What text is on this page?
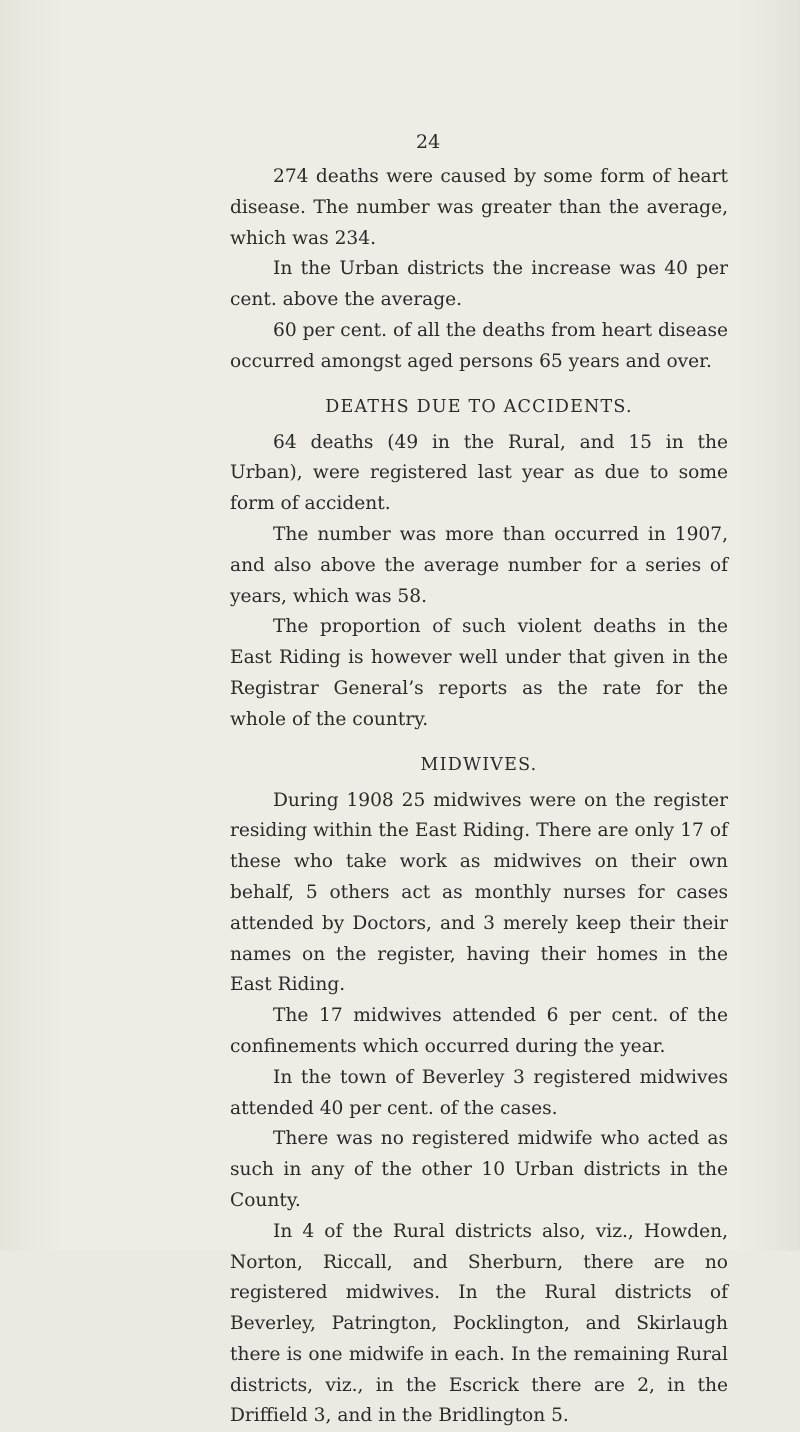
24

274 deaths were caused by some form of heart disease. The number was greater than the average, which was 234.

In the Urban districts the increase was 40 per cent. above the average.

60 per cent. of all the deaths from heart disease occurred amongst aged persons 65 years and over.

DEATHS DUE TO ACCIDENTS.

64 deaths (49 in the Rural, and 15 in the Urban), were registered last year as due to some form of accident.

The number was more than occurred in 1907, and also above the average number for a series of years, which was 58.

The proportion of such violent deaths in the East Riding is however well under that given in the Registrar General’s reports as the rate for the whole of the country.

MIDWIVES.

During 1908 25 midwives were on the register residing within the East Riding. There are only 17 of these who take work as midwives on their own behalf, 5 others act as monthly nurses for cases attended by Doctors, and 3 merely keep their their names on the register, having their homes in the East Riding.

The 17 midwives attended 6 per cent. of the confinements which occurred during the year.

In the town of Beverley 3 registered midwives attended 40 per cent. of the cases.

There was no registered midwife who acted as such in any of the other 10 Urban districts in the County.

In 4 of the Rural districts also, viz., Howden, Norton, Riccall, and Sherburn, there are no registered midwives. In the Rural districts of Beverley, Patrington, Pocklington, and Skirlaugh there is one midwife in each. In the remaining Rural districts, viz., in the Escrick there are 2, in the Driffield 3, and in the Bridlington 5.
